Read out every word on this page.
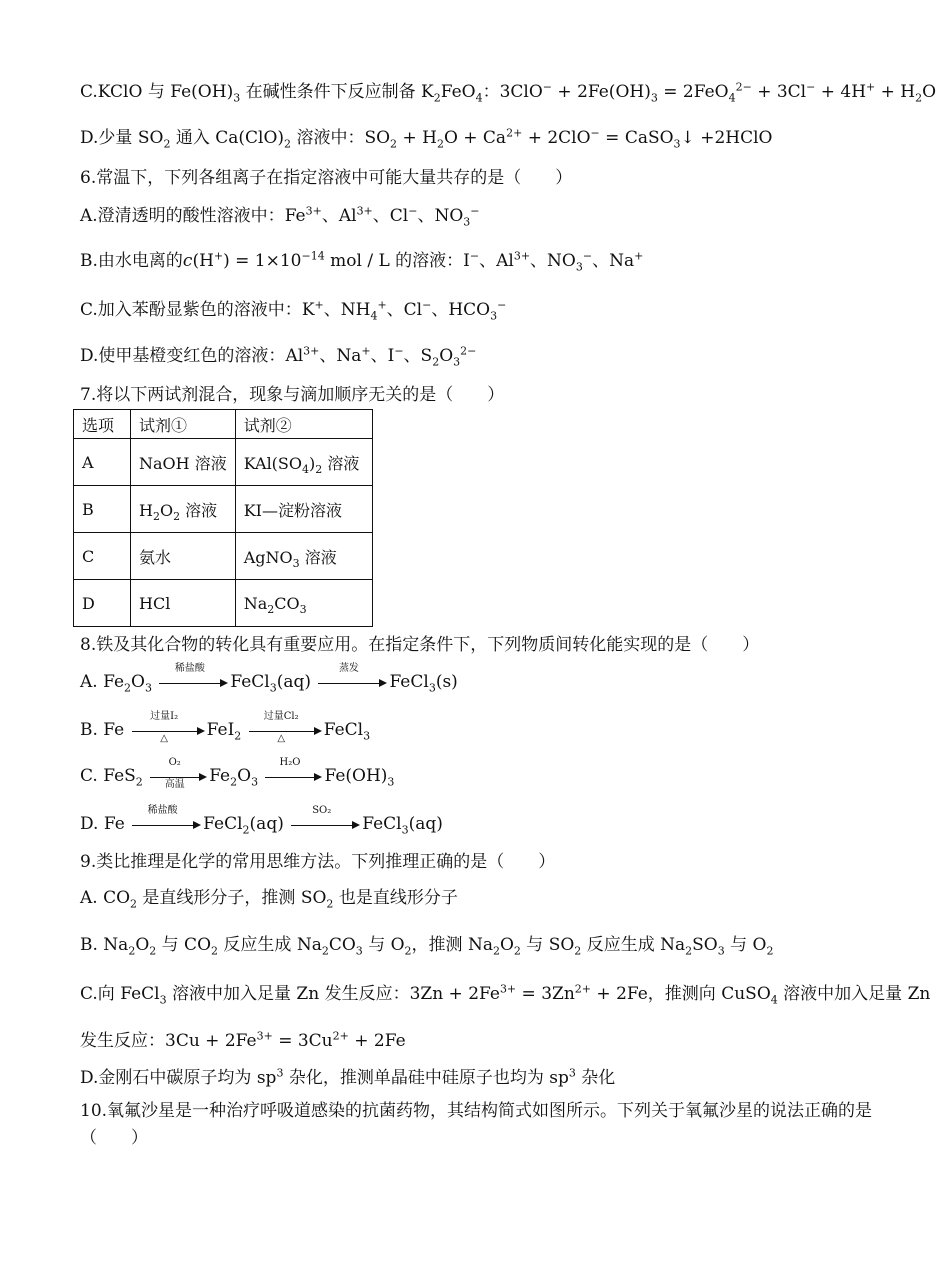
C.KClO 与 $Fe(OH)_3$ 在碱性条件下反应制备 $K_2FeO_4$：$3ClO^- + 2Fe(OH)_3 = 2FeO_4^{2-} + 3Cl^- + 4H^+ + H_2O$
D.少量 $SO_2$ 通入 $Ca(ClO)_2$ 溶液中：$SO_2 + H_2O + Ca^{2+} + 2ClO^-$ = CaSO$_3$↓ +2HClO
6.常温下，下列各组离子在指定溶液中可能大量共存的是（　　）
A.澄清透明的酸性溶液中：$Fe^{3+}$、$Al^{3+}$、Cl−、$NO_3^-$
B.由水电离的$c(H^+) = 1\times 10^{-14}$ mol / L 的溶液：I−、$Al^{3+}$、$NO_3^-$、Na+
C.加入苯酚显紫色的溶液中：K+、$NH_4^+$、Cl−、$HCO_3^-$
D.使甲基橙变红色的溶液：$Al^{3+}$、Na+、I−、$S_2O_3^{2-}$
7.将以下两试剂混合，现象与滴加顺序无关的是（　　）
选项	试剂①	试剂②
A	NaOH 溶液	$KAl(SO_4)_2$ 溶液
B	$H_2O_2$ 溶液	KI—淀粉溶液
C	氨水	AgNO$_3$ 溶液
D	HCl	$Na_2CO_3$
8.铁及其化合物的转化具有重要应用。在指定条件下，下列物质间转化能实现的是（　　）
A. $Fe_2O_3$
稀盐酸
FeCl$_3$(aq)
蒸发
FeCl$_3$(s)
B. Fe
过量I₂
△	FeI$_2$
过量Cl₂
△	FeCl$_3$
C. FeS$_2$
O₂
高温	$Fe_2O_3$
H₂O
$Fe(OH)_3$
D. Fe
稀盐酸
FeCl$_2$(aq)
SO₂
FeCl$_3$(aq)
9.类比推理是化学的常用思维方法。下列推理正确的是（　　）
A. $CO_2$ 是直线形分子，推测 $SO_2$ 也是直线形分子
B. $Na_2O_2$ 与 $CO_2$ 反应生成 $Na_2CO_3$ 与 $O_2$，推测 $Na_2O_2$ 与 $SO_2$ 反应生成 $Na_2SO_3$ 与 $O_2$
C.向 FeCl$_3$ 溶液中加入足量 Zn 发生反应：$3Zn + 2Fe^{3+} = 3Zn^{2+} + 2Fe$，推测向 CuSO$_4$ 溶液中加入足量 Zn
发生反应：$3Cu + 2Fe^{3+} = 3Cu^{2+} + 2Fe$
D.金刚石中碳原子均为 $sp^3$ 杂化，推测单晶硅中硅原子也均为 $sp^3$ 杂化
10.氧氟沙星是一种治疗呼吸道感染的抗菌药物，其结构简式如图所示。下列关于氧氟沙星的说法正确的是
（　　）
